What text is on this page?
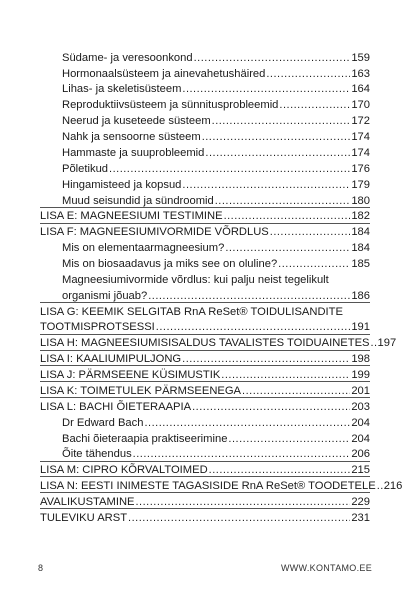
Südame- ja veresoonkond .....	159
Hormonaalsüsteem ja ainevahetushäired .....	163
Lihas- ja skeletisüsteem .....	164
Reproduktiivsüsteem ja sünnitusprobleemid .....	170
Neerud ja kuseteede süsteem .....	172
Nahk ja sensoorne süsteem .....	174
Hammaste ja suuprobleemid .....	174
Põletikud .....	176
Hingamisteed ja kopsud .....	179
Muud seisundid ja sündroomid .....	180
LISA E: MAGNEESIUMI TESTIMINE .....	182
LISA F: MAGNEESIUMIVORMIDE VÕRDLUS .....	184
Mis on elementaarmagneesium? .....	184
Mis on biosaadavus ja miks see on oluline? .....	185
Magneesiumivormide võrdlus: kui palju neist tegelikult
organismi jõuab? .....	186
LISA G: KEEMIK SELGITAB RnA ReSet® TOIDULISANDITE
TOOTMISPROTSESSI .....	191
LISA H: MAGNEESIUMISISALDUS TAVALISTES TOIDUAINETES ..... 197
LISA I: KAALIUMIPULJONG .....	198
LISA J: PÄRMSEENE KÜSIMUSTIK .....	199
LISA K: TOIMETULEK PÄRMSEENEGA .....	201
LISA L: BACHI ÕIETERAAPIA .....	203
Dr Edward Bach .....	204
Bachi õieteraapia praktiseerimine .....	204
Õite tähendus .....	206
LISA M: CIPRO KÕRVALTOIMED .....	215
LISA N: EESTI INIMESTE TAGASISIDE RnA ReSet® TOODETELE ..... 216
AVALIKUSTAMINE .....	229
TULEVIKU ARST .....	231
8	WWW.KONTAMO.EE
